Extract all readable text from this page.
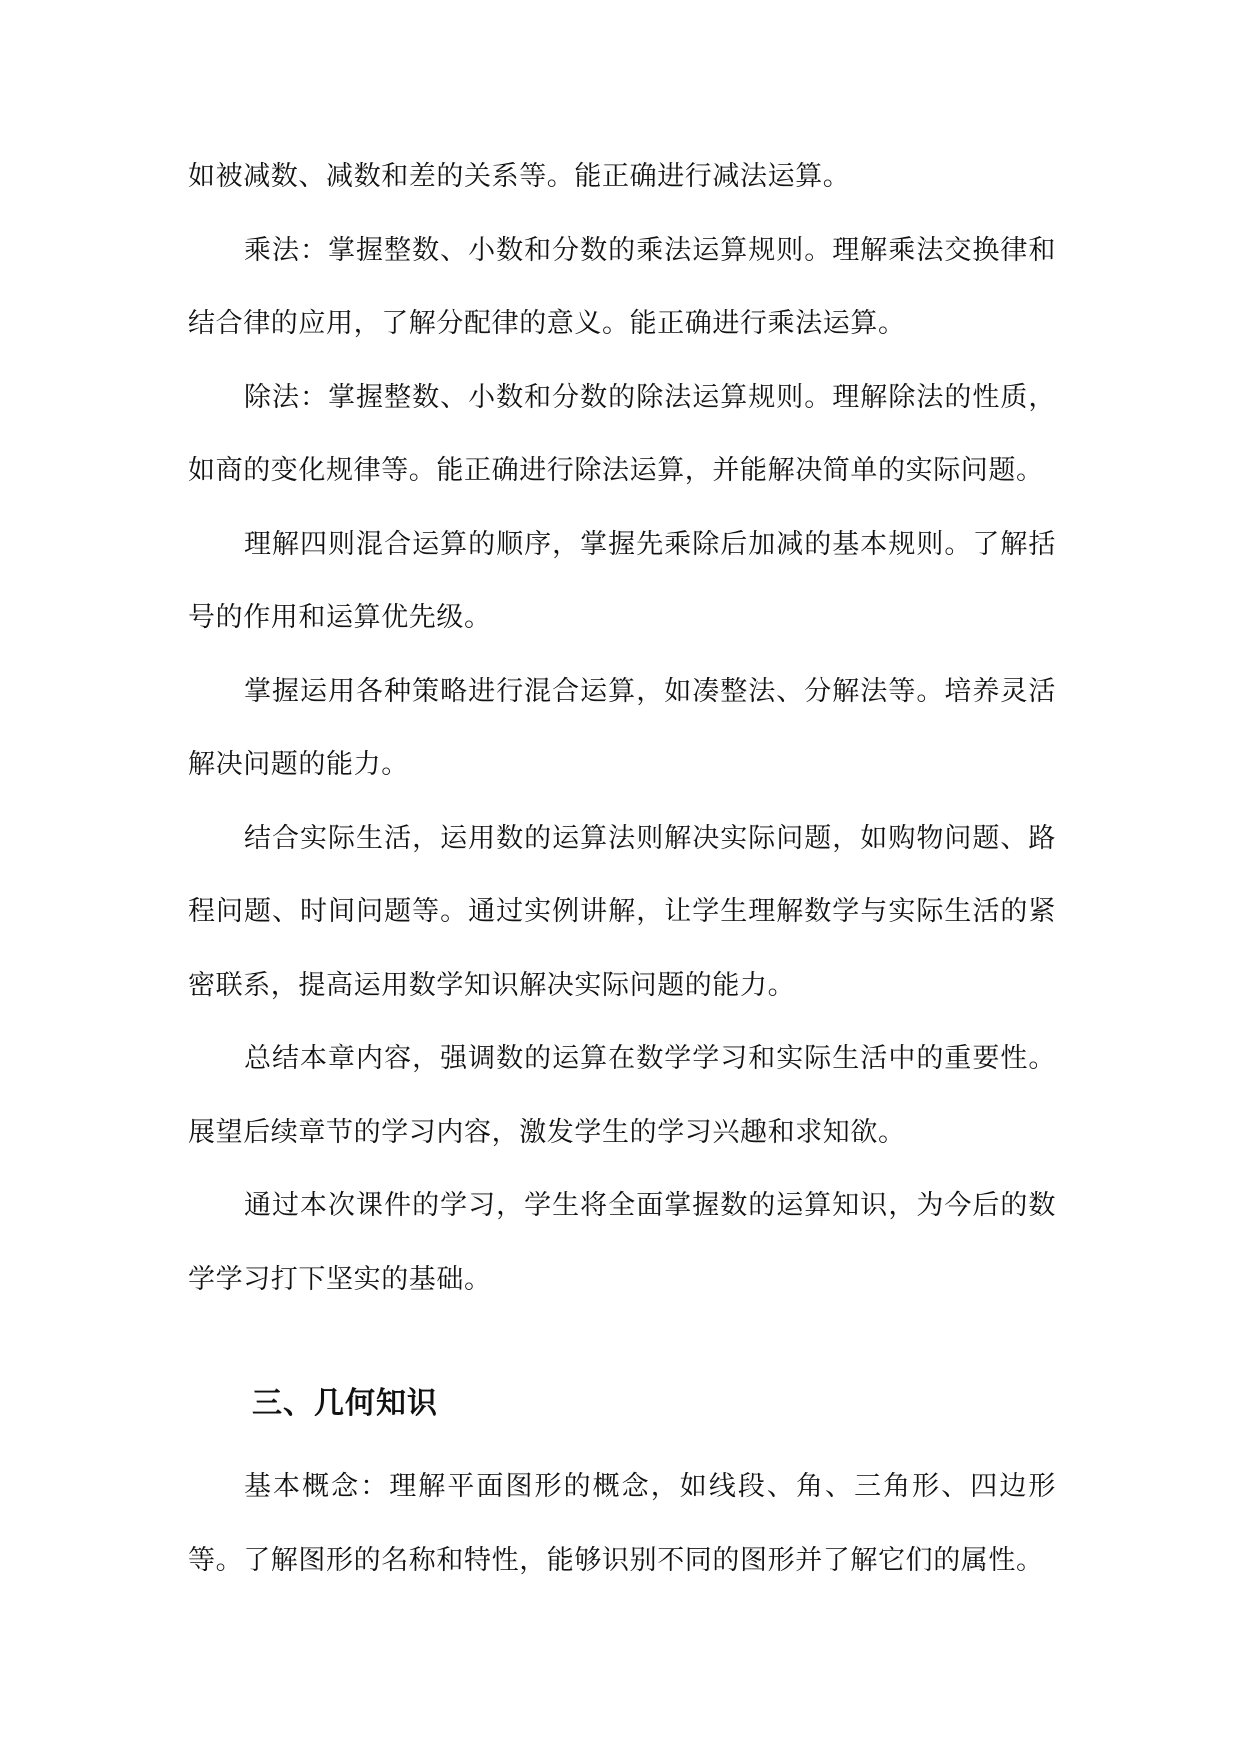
如被减数、减数和差的关系等。能正确进行减法运算。

乘法：掌握整数、小数和分数的乘法运算规则。理解乘法交换律和结合律的应用，了解分配律的意义。能正确进行乘法运算。

除法：掌握整数、小数和分数的除法运算规则。理解除法的性质，如商的变化规律等。能正确进行除法运算，并能解决简单的实际问题。

理解四则混合运算的顺序，掌握先乘除后加减的基本规则。了解括号的作用和运算优先级。

掌握运用各种策略进行混合运算，如凑整法、分解法等。培养灵活解决问题的能力。

结合实际生活，运用数的运算法则解决实际问题，如购物问题、路程问题、时间问题等。通过实例讲解，让学生理解数学与实际生活的紧密联系，提高运用数学知识解决实际问题的能力。

总结本章内容，强调数的运算在数学学习和实际生活中的重要性。展望后续章节的学习内容，激发学生的学习兴趣和求知欲。

通过本次课件的学习，学生将全面掌握数的运算知识，为今后的数学学习打下坚实的基础。

三、几何知识

基本概念：理解平面图形的概念，如线段、角、三角形、四边形等。了解图形的名称和特性，能够识别不同的图形并了解它们的属性。
